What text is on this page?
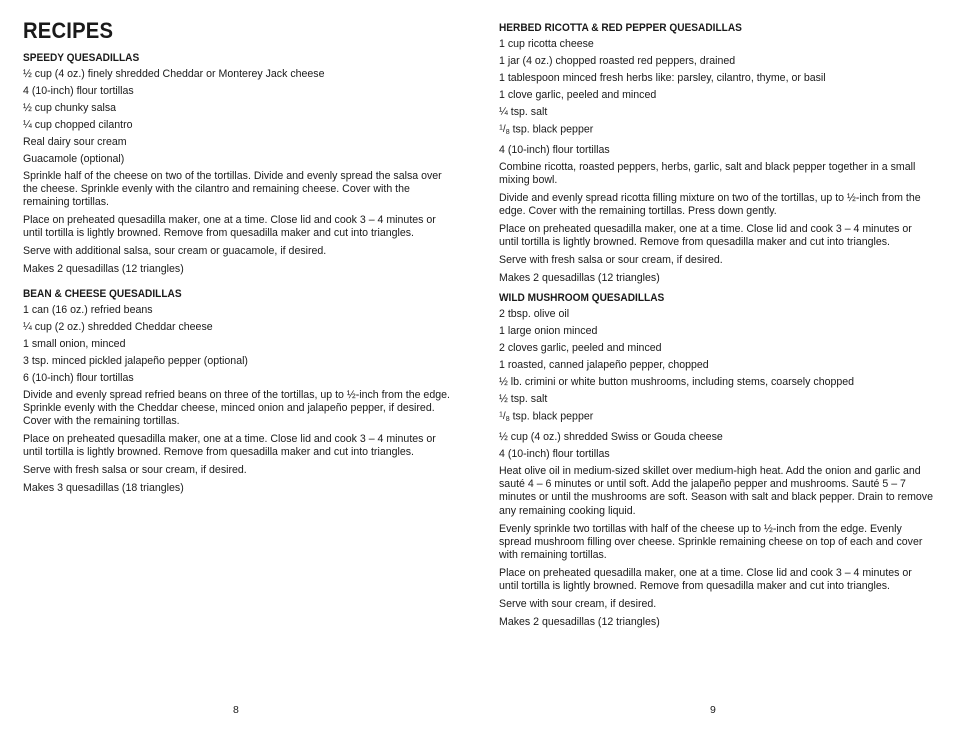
RECIPES
SPEEDY QUESADILLAS
½ cup (4 oz.) finely shredded Cheddar or Monterey Jack cheese
4 (10-inch) flour tortillas
½ cup chunky salsa
¼ cup chopped cilantro
Real dairy sour cream
Guacamole (optional)

Sprinkle half of the cheese on two of the tortillas. Divide and evenly spread the salsa over the cheese. Sprinkle evenly with the cilantro and remaining cheese. Cover with the remaining tortillas.

Place on preheated quesadilla maker, one at a time. Close lid and cook 3 – 4 minutes or until tortilla is lightly browned. Remove from quesadilla maker and cut into triangles.

Serve with additional salsa, sour cream or guacamole, if desired.

Makes 2 quesadillas (12 triangles)

BEAN & CHEESE QUESADILLAS
1 can (16 oz.) refried beans
¼ cup (2 oz.) shredded Cheddar cheese
1 small onion, minced
3 tsp. minced pickled jalapeño pepper (optional)
6 (10-inch) flour tortillas

Divide and evenly spread refried beans on three of the tortillas, up to ½-inch from the edge. Sprinkle evenly with the Cheddar cheese, minced onion and jalapeño pepper, if desired. Cover with the remaining tortillas.

Place on preheated quesadilla maker, one at a time. Close lid and cook 3 – 4 minutes or until tortilla is lightly browned. Remove from quesadilla maker and cut into triangles.

Serve with fresh salsa or sour cream, if desired.

Makes 3 quesadillas (18 triangles)

8
HERBED RICOTTA & RED PEPPER QUESADILLAS
1 cup ricotta cheese
1 jar (4 oz.) chopped roasted red peppers, drained
1 tablespoon minced fresh herbs like: parsley, cilantro, thyme, or basil
1 clove garlic, peeled and minced
¼ tsp. salt
$^1/_8$ tsp. black pepper
4 (10-inch) flour tortillas

Combine ricotta, roasted peppers, herbs, garlic, salt and black pepper together in a small mixing bowl.

Divide and evenly spread ricotta filling mixture on two of the tortillas, up to ½-inch from the edge. Cover with the remaining tortillas. Press down gently.

Place on preheated quesadilla maker, one at a time. Close lid and cook 3 – 4 minutes or until tortilla is lightly browned. Remove from quesadilla maker and cut into triangles.

Serve with fresh salsa or sour cream, if desired.

Makes 2 quesadillas (12 triangles)

WILD MUSHROOM QUESADILLAS
2 tbsp. olive oil
1 large onion minced
2 cloves garlic, peeled and minced
1 roasted, canned jalapeño pepper, chopped
½ lb. crimini or white button mushrooms, including stems, coarsely chopped
½ tsp. salt
$^1/_8$ tsp. black pepper
½ cup (4 oz.) shredded Swiss or Gouda cheese
4 (10-inch) flour tortillas

Heat olive oil in medium-sized skillet over medium-high heat. Add the onion and garlic and sauté 4 – 6 minutes or until soft. Add the jalapeño pepper and mushrooms. Sauté 5 – 7 minutes or until the mushrooms are soft. Season with salt and black pepper. Drain to remove any remaining cooking liquid.

Evenly sprinkle two tortillas with half of the cheese up to ½-inch from the edge. Evenly spread mushroom filling over cheese. Sprinkle remaining cheese on top of each and cover with remaining tortillas.

Place on preheated quesadilla maker, one at a time. Close lid and cook 3 – 4 minutes or until tortilla is lightly browned. Remove from quesadilla maker and cut into triangles.

Serve with sour cream, if desired.

Makes 2 quesadillas (12 triangles)

9
